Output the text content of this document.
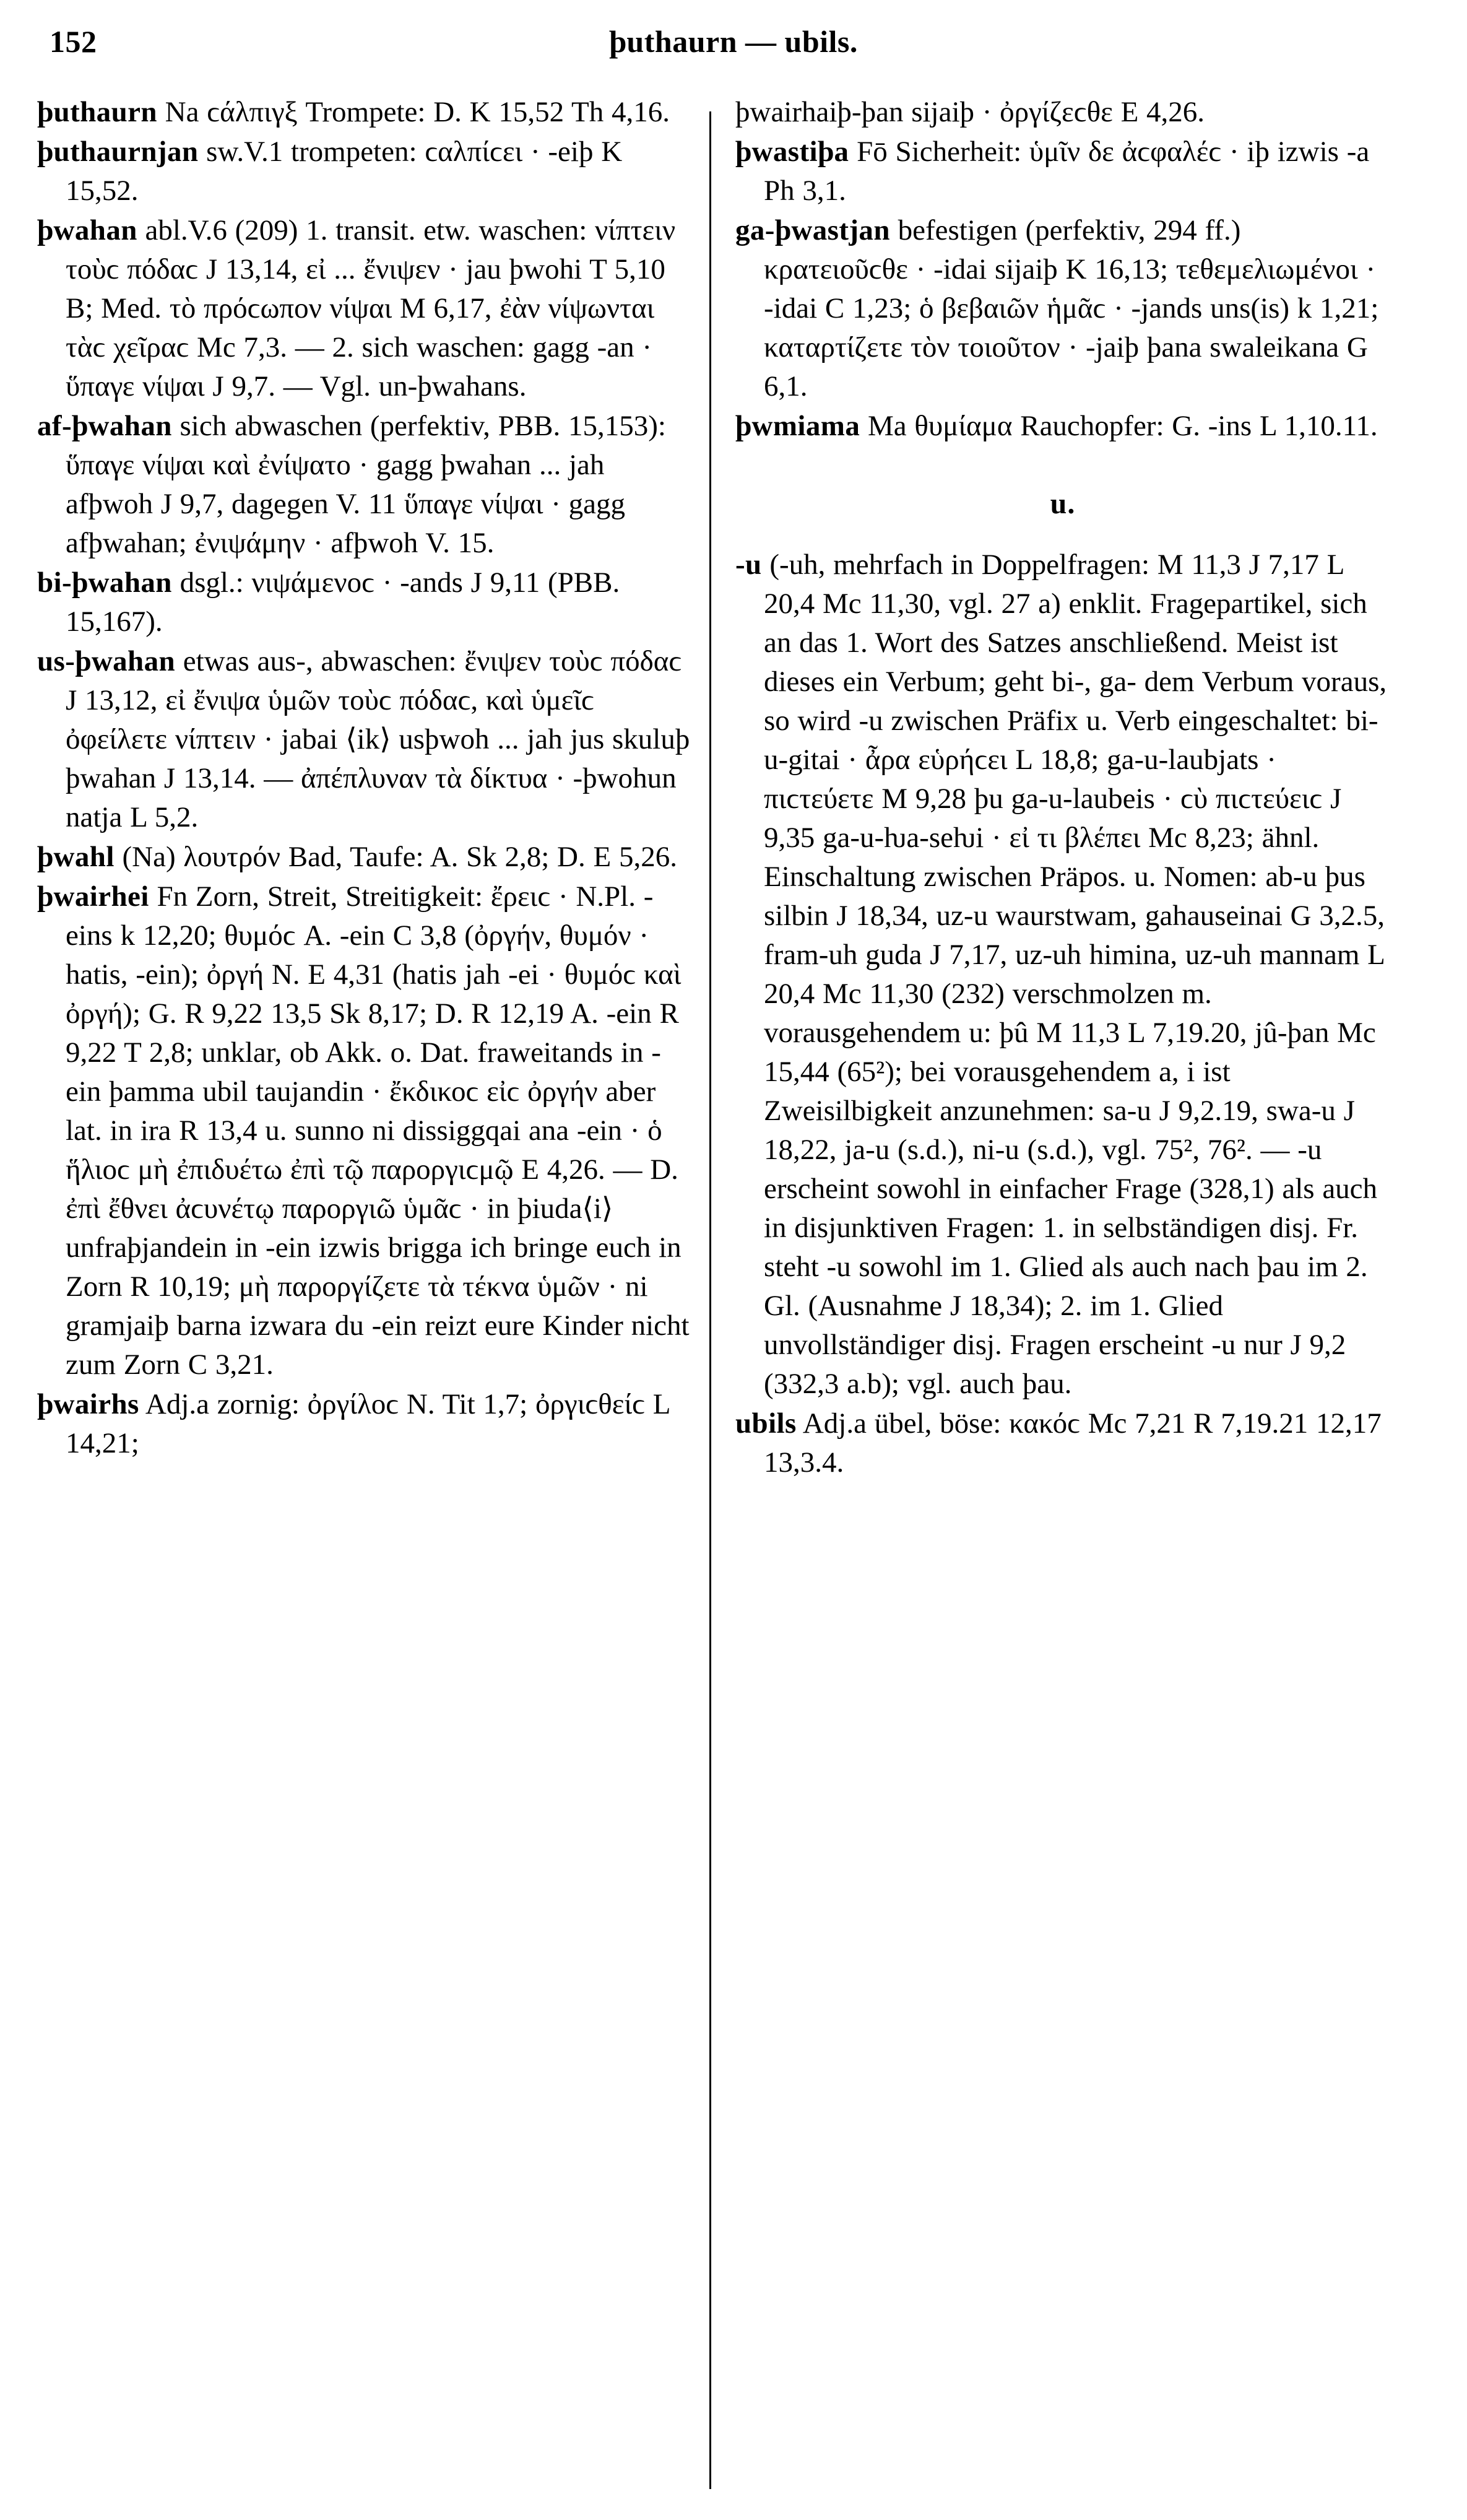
152	þuthaurn — ubils.
þuthaurn Na ϲάλπιγξ Trompete: D. K 15,52 Th 4,16.
þuthaurnjan sw.V.1 trompeten: ϲαλπίϲει · -eiþ K 15,52.
þwahan abl.V.6 (209) 1. transit. etw. waschen: νίπτειν τοὺϲ πόδαϲ J 13,14, εἰ ... ἔνιψεν · jau þwohi T 5,10 B; Med. τὸ πρόϲωπον νίψαι M 6,17, ἐὰν νίψωνται τὰϲ χεῖραϲ Mc 7,3. — 2. sich waschen: gagg -an · ὕπαγε νίψαι J 9,7. — Vgl. un-þwahans.
af-þwahan sich abwaschen (perfektiv, PBB. 15,153): ὕπαγε νίψαι καὶ ἐνίψατο · gagg þwahan ... jah afþwoh J 9,7, dagegen V. 11 ὕπαγε νίψαι · gagg afþwahan; ἐνιψάμην · afþwoh V. 15.
bi-þwahan dsgl.: νιψάμενοϲ · -ands J 9,11 (PBB. 15,167).
us-þwahan etwas aus-, abwaschen: ἔνιψεν τοὺϲ πόδαϲ J 13,12, εἰ ἔνιψα ὑμῶν τοὺϲ πόδαϲ, καὶ ὑμεῖϲ ὀφείλετε νίπτειν · jabai ⟨ik⟩ usþwoh ... jah jus skuluþ þwahan J 13,14. — ἀπέπλυναν τὰ δίκτυα · -þwohun natja L 5,2.
þwahl (Na) λουτρόν Bad, Taufe: A. Sk 2,8; D. E 5,26.
þwairhei Fn Zorn, Streit, Streitigkeit: ἔρειϲ · N.Pl. -eins k 12,20; θυμόϲ A. -ein C 3,8 (ὀργήν, θυμόν · hatis, -ein); ὀργή N. E 4,31 (hatis jah -ei · θυμόϲ καὶ ὀργή); G. R 9,22 13,5 Sk 8,17; D. R 12,19 A. -ein R 9,22 T 2,8; unklar, ob Akk. o. Dat. fraweitands in -ein þamma ubil taujandin · ἔκδικοϲ εἰϲ ὀργήν aber lat. in ira R 13,4 u. sunno ni dissiggqai ana -ein · ὁ ἥλιοϲ μὴ ἐπιδυέτω ἐπὶ τῷ παροργιϲμῷ E 4,26. — D. ἐπὶ ἔθνει ἀϲυνέτῳ παροργιῶ ὑμᾶϲ · in þiuda⟨i⟩ unfraþjandein in -ein izwis brigga ich bringe euch in Zorn R 10,19; μὴ παροργίζετε τὰ τέκνα ὑμῶν · ni gramjaiþ barna izwara du -ein reizt eure Kinder nicht zum Zorn C 3,21.
þwairhs Adj.a zornig: ὀργίλοϲ N. Tit 1,7; ὀργιϲθείϲ L 14,21;
þwairhaiþ-þan sijaiþ · ὀργίζεϲθε E 4,26.
þwastiþa Fō Sicherheit: ὑμῖν δε ἀϲφαλέϲ · iþ izwis -a Ph 3,1.
ga-þwastjan befestigen (perfektiv, 294 ff.) κρατειοῦϲθε · -idai sijaiþ K 16,13; τεθεμελιωμένοι · -idai C 1,23; ὁ βεβαιῶν ἡμᾶϲ · -jands uns(is) k 1,21; καταρτίζετε τὸν τοιοῦτον · -jaiþ þana swaleikana G 6,1.
þwmiama Ma θυμίαμα Rauchopfer: G. -ins L 1,10.11.
u.
-u (-uh, mehrfach in Doppelfragen: M 11,3 J 7,17 L 20,4 Mc 11,30, vgl. 27 a) enklit. Fragepartikel, sich an das 1. Wort des Satzes anschließend. Meist ist dieses ein Verbum; geht bi-, ga- dem Verbum voraus, so wird -u zwischen Präfix u. Verb eingeschaltet: bi-u-gitai · ἆρα εὑρήϲει L 18,8; ga-u-laubjats · πιϲτεύετε M 9,28 þu ga-u-laubeis · ϲὺ πιϲτεύειϲ J 9,35 ga-u-ƕa-seƕi · εἰ τι βλέπει Mc 8,23; ähnl. Einschaltung zwischen Präpos. u. Nomen: ab-u þus silbin J 18,34, uz-u waurstwam, gahauseinai G 3,2.5, fram-uh guda J 7,17, uz-uh himina, uz-uh mannam L 20,4 Mc 11,30 (232) verschmolzen m. vorausgehendem u: þû M 11,3 L 7,19.20, jû-þan Mc 15,44 (65²); bei vorausgehendem a, i ist Zweisilbigkeit anzunehmen: sa-u J 9,2.19, swa-u J 18,22, ja-u (s.d.), ni-u (s.d.), vgl. 75², 76². — -u erscheint sowohl in einfacher Frage (328,1) als auch in disjunktiven Fragen: 1. in selbständigen disj. Fr. steht -u sowohl im 1. Glied als auch nach þau im 2. Gl. (Ausnahme J 18,34); 2. im 1. Glied unvollständiger disj. Fragen erscheint -u nur J 9,2 (332,3 a.b); vgl. auch þau.
ubils Adj.a übel, böse: κακόϲ Mc 7,21 R 7,19.21 12,17 13,3.4.
